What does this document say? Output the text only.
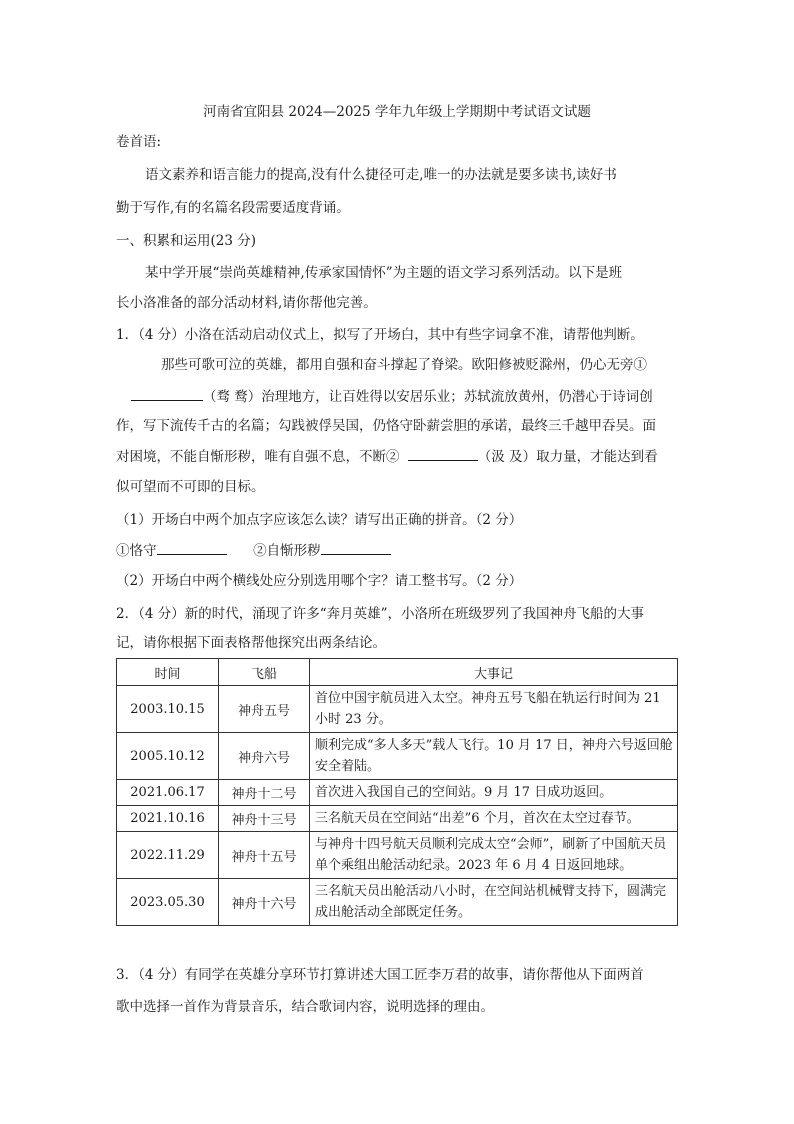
河南省宜阳县 2024—2025 学年九年级上学期期中考试语文试题
卷首语:
语文素养和语言能力的提高,没有什么捷径可走,唯一的办法就是要多读书,读好书
勤于写作,有的名篇名段需要适度背诵。
一、积累和运用(23 分)
某中学开展“崇尚英雄精神,传承家国情怀”为主题的语文学习系列活动。以下是班
长小洛准备的部分活动材料,请你帮他完善。
1．（4 分）小洛在活动启动仪式上，拟写了开场白，其中有些字词拿不准，请帮他判断。
那些可歌可泣的英雄，都用自强和奋斗撑起了脊梁。欧阳修被贬滁州，仍心无旁①
（骛 鹜）治理地方，让百姓得以安居乐业；苏轼流放黄州，仍潜心于诗词创
作，写下流传千古的名篇；勾践被俘吴国，仍恪守卧薪尝胆的承诺，最终三千越甲吞吴。面
对困境，不能自惭形秽，唯有自强不息，不断②	（汲 及）取力量，才能达到看
似可望而不可即的目标。
（1）开场白中两个加点字应该怎么读？请写出正确的拼音。（2 分）
①恪守	②自惭形秽
（2）开场白中两个横线处应分别选用哪个字？请工整书写。（2 分）
2．（4 分）新的时代，涌现了许多“奔月英雄”，小洛所在班级罗列了我国神舟飞船的大事
记，请你根据下面表格帮他探究出两条结论。
时间	飞船	大事记
2003.10.15	神舟五号	首位中国宇航员进入太空。神舟五号飞船在轨运行时间为 21 小时 23 分。
2005.10.12	神舟六号	顺利完成“多人多天”载人飞行。10 月 17 日，神舟六号返回舱安全着陆。
2021.06.17	神舟十二号	首次进入我国自己的空间站。9 月 17 日成功返回。
2021.10.16	神舟十三号	三名航天员在空间站“出差”6 个月，首次在太空过春节。
2022.11.29	神舟十五号	与神舟十四号航天员顺利完成太空“会师”，刷新了中国航天员单个乘组出舱活动纪录。2023 年 6 月 4 日返回地球。
2023.05.30	神舟十六号	三名航天员出舱活动八小时，在空间站机械臂支持下，圆满完成出舱活动全部既定任务。
3．（4 分）有同学在英雄分享环节打算讲述大国工匠李万君的故事，请你帮他从下面两首
歌中选择一首作为背景音乐，结合歌词内容，说明选择的理由。
